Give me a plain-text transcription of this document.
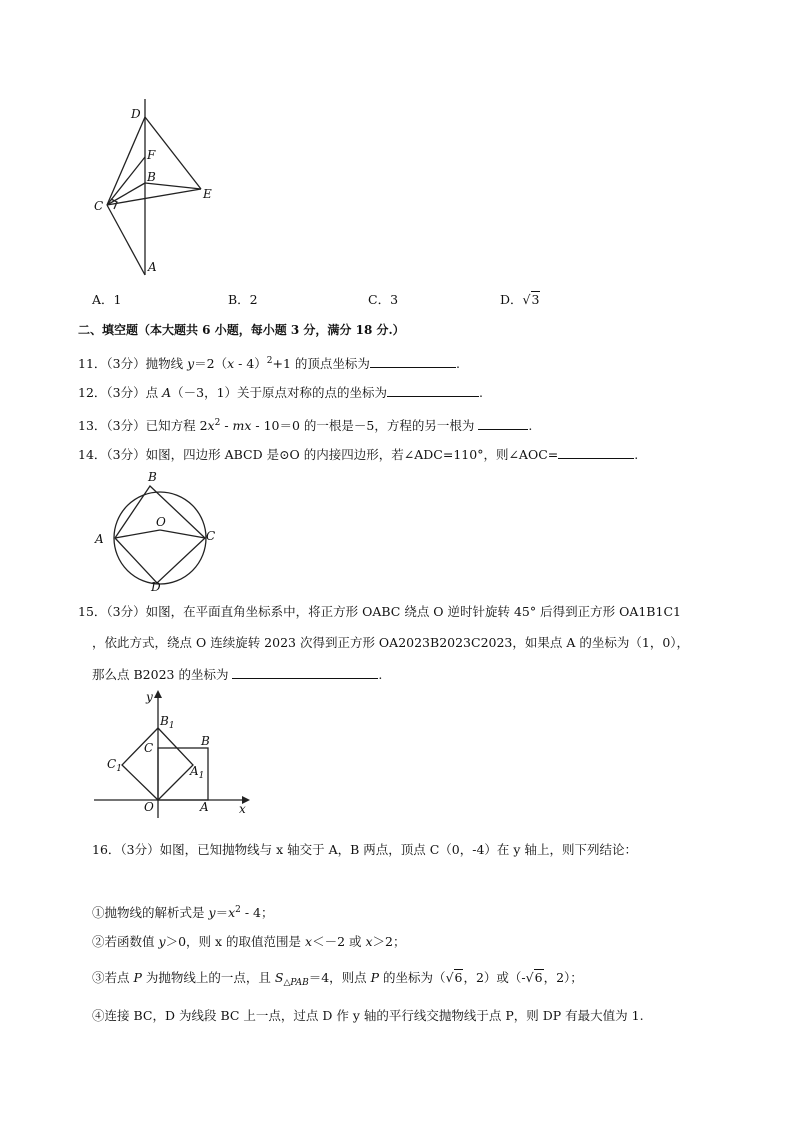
D
F
B
C
E
A
A．1	B．2	C．3	D．√3
二、填空题（本大题共 6 小题，每小题 3 分，满分 18 分.）
11．（3分）抛物线 y＝2（x - 4）$^2$+1 的顶点坐标为	.
12．（3分）点 A（－3，1）关于原点对称的点的坐标为	.
13．（3分）已知方程 $2x^2$ - mx - 10＝0 的一根是－5，方程的另一根为	.
14．（3分）如图，四边形 ABCD 是⊙O 的内接四边形，若∠ADC=110°，则∠AOC=	.
B
O
A	C
D
15．（3分）如图，在平面直角坐标系中，将正方形 OABC 绕点 O 逆时针旋转 45° 后得到正方形 OA1B1C1
，依此方式，绕点 O 连续旋转 2023 次得到正方形 OA2023B2023C2023，如果点 A 的坐标为（1，0），
那么点 B2023 的坐标为	.
y
x
O	A
B
C
$B_1$
$A_1$
$C_1$
16．（3分）如图，已知抛物线与 x 轴交于 A，B 两点，顶点 C（0，-4）在 y 轴上，则下列结论：
①抛物线的解析式是 $y=x^2 - 4$；
②若函数值 y＞0，则 x 的取值范围是 x＜－2 或 x＞2；
③若点 P 为抛物线上的一点，且 $S_{\triangle PAB}=4$，则点 P 的坐标为（√6，2）或（-√6，2）；
④连接 BC，D 为线段 BC 上一点，过点 D 作 y 轴的平行线交抛物线于点 P，则 DP 有最大值为 1.
